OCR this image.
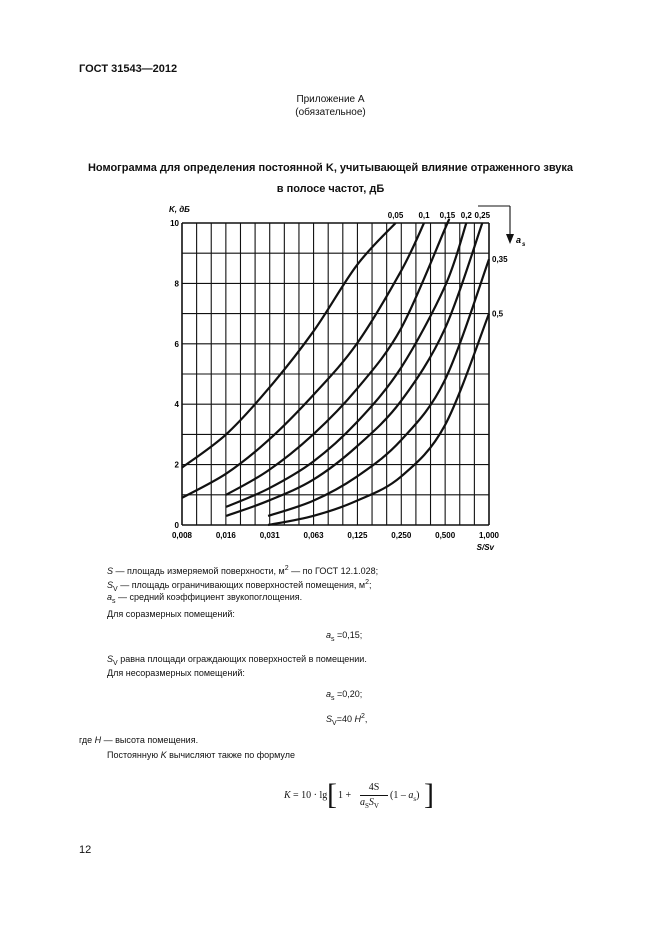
ГОСТ 31543—2012
Приложение А
(обязательное)
Номограмма для определения постоянной K, учитывающей влияние отраженного звука
в полосе частот, дБ
0,05 0,1 0,15 0,2 0,25
0,35
0,5
0,008	0,016	0,031	0,063	0,125	0,250	0,500	1,000
0
2
4
6
8
10
K, дБ
S/Sv
a s
S — площадь измеряемой поверхности, $м^2$ — по ГОСТ 12.1.028;
$S_V$ — площадь ограничивающих поверхностей помещения, $м^2$;
$a_s$ — средний коэффициент звукопоглощения.
Для соразмерных помещений:
$a_s =0,15$;
$S_V$ равна площади ограждающих поверхностей в помещении.
Для несоразмерных помещений:
$a_s =0,20$;
$S_V=40$ $H^2$,
где H — высота помещения.
Постоянную K вычисляют также по формуле
K = 10 · lg [ 1 +
4S
$a_SS_V$
$(1 - a_s)$ ]
12
